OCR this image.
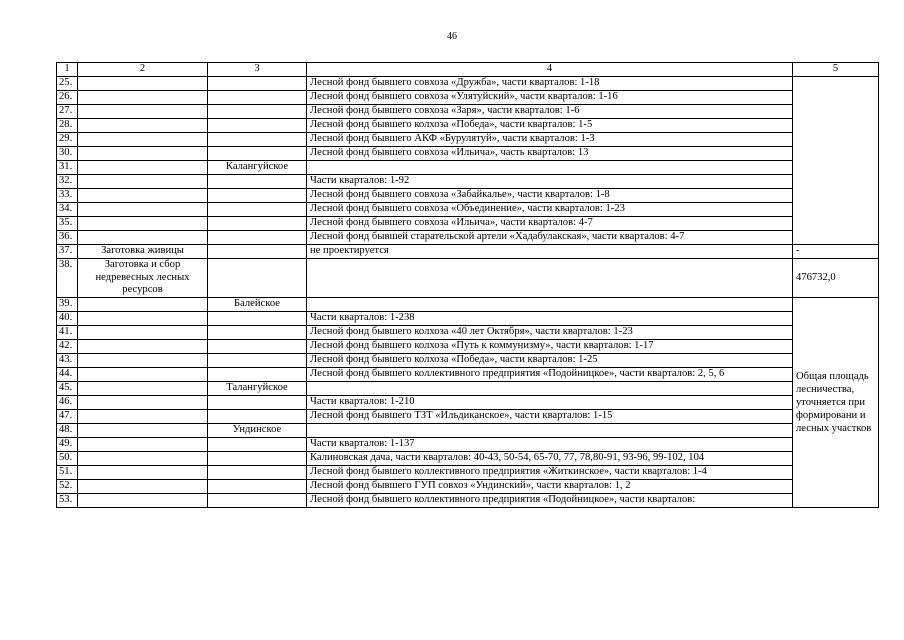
46
1	2	3	4	5
25.			Лесной фонд бывшего совхоза «Дружба», части кварталов: 1-18	
26.			Лесной фонд бывшего совхоза «Улятуйский», части кварталов: 1-16	
27.			Лесной фонд бывшего совхоза «Заря», части кварталов: 1-6	
28.			Лесной фонд бывшего колхоза «Победа», части кварталов: 1-5	
29.			Лесной фонд бывшего АКФ «Бурулятуй», части кварталов: 1-3	
30.			Лесной фонд бывшего совхоза «Ильича», часть кварталов: 13	
31.		Калангуйское		
32.			Части кварталов: 1-92	
33.			Лесной фонд бывшего совхоза «Забайкалье», части кварталов: 1-8	
34.			Лесной фонд бывшего совхоза «Объединение», части кварталов: 1-23	
35.			Лесной фонд бывшего совхоза «Ильича», части кварталов: 4-7	
36.			Лесной фонд бывшей старательской артели «Хадабулакская», части кварталов: 4-7	
37.	Заготовка живицы		не проектируется	-
38.	Заготовка и сбор недревесных лесных ресурсов			476732,0
39.		Балейское		Общая площадь лесничества, уточняется при формировани и лесных участков
40.			Части кварталов: 1-238	
41.			Лесной фонд бывшего колхоза «40 лет Октября», части кварталов: 1-23	
42.			Лесной фонд бывшего колхоза «Путь к коммунизму», части кварталов: 1-17	
43.			Лесной фонд бывшего колхоза «Победа», части кварталов: 1-25	
44.			Лесной фонд бывшего коллективного предприятия «Подойницкое», части кварталов: 2, 5, 6	
45.		Талангуйское		
46.			Части кварталов: 1-210	
47.			Лесной фонд бывшего ТЗТ «Ильдиканское», части кварталов: 1-15	
48.		Ундинское		
49.			Части кварталов: 1-137	
50.			Калиновская дача, части кварталов: 40-43, 50-54, 65-70, 77, 78,80-91, 93-96, 99-102, 104	
51.			Лесной фонд бывшего коллективного предприятия «Житкинское», части кварталов: 1-4	
52.			Лесной фонд бывшего ГУП совхоз «Ундинский», части кварталов: 1, 2	
53.			Лесной фонд бывшего коллективного предприятия «Подойницкое», части кварталов:	
